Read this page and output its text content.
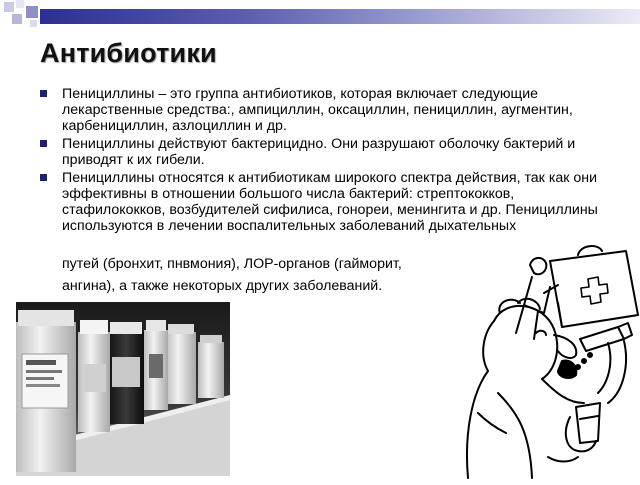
Антибиотики
Пенициллины – это группа антибиотиков, которая включает следующие лекарственные средства:, ампициллин, оксациллин, пенициллин, аугментин, карбенициллин, азлоциллин и др.
Пенициллины действуют бактерицидно. Они разрушают оболочку бактерий и приводят к их гибели.
Пенициллины относятся к антибиотикам широкого спектра действия, так как они эффективны в отношении большого числа бактерий: стрептококков, стафилококков, возбудителей сифилиса, гонореи, менингита и др. Пенициллины используются в лечении воспалительных заболеваний дыхательных
путей (бронхит, пнвмония), ЛОР-органов (гайморит,
ангина), а также некоторых других заболеваний.
